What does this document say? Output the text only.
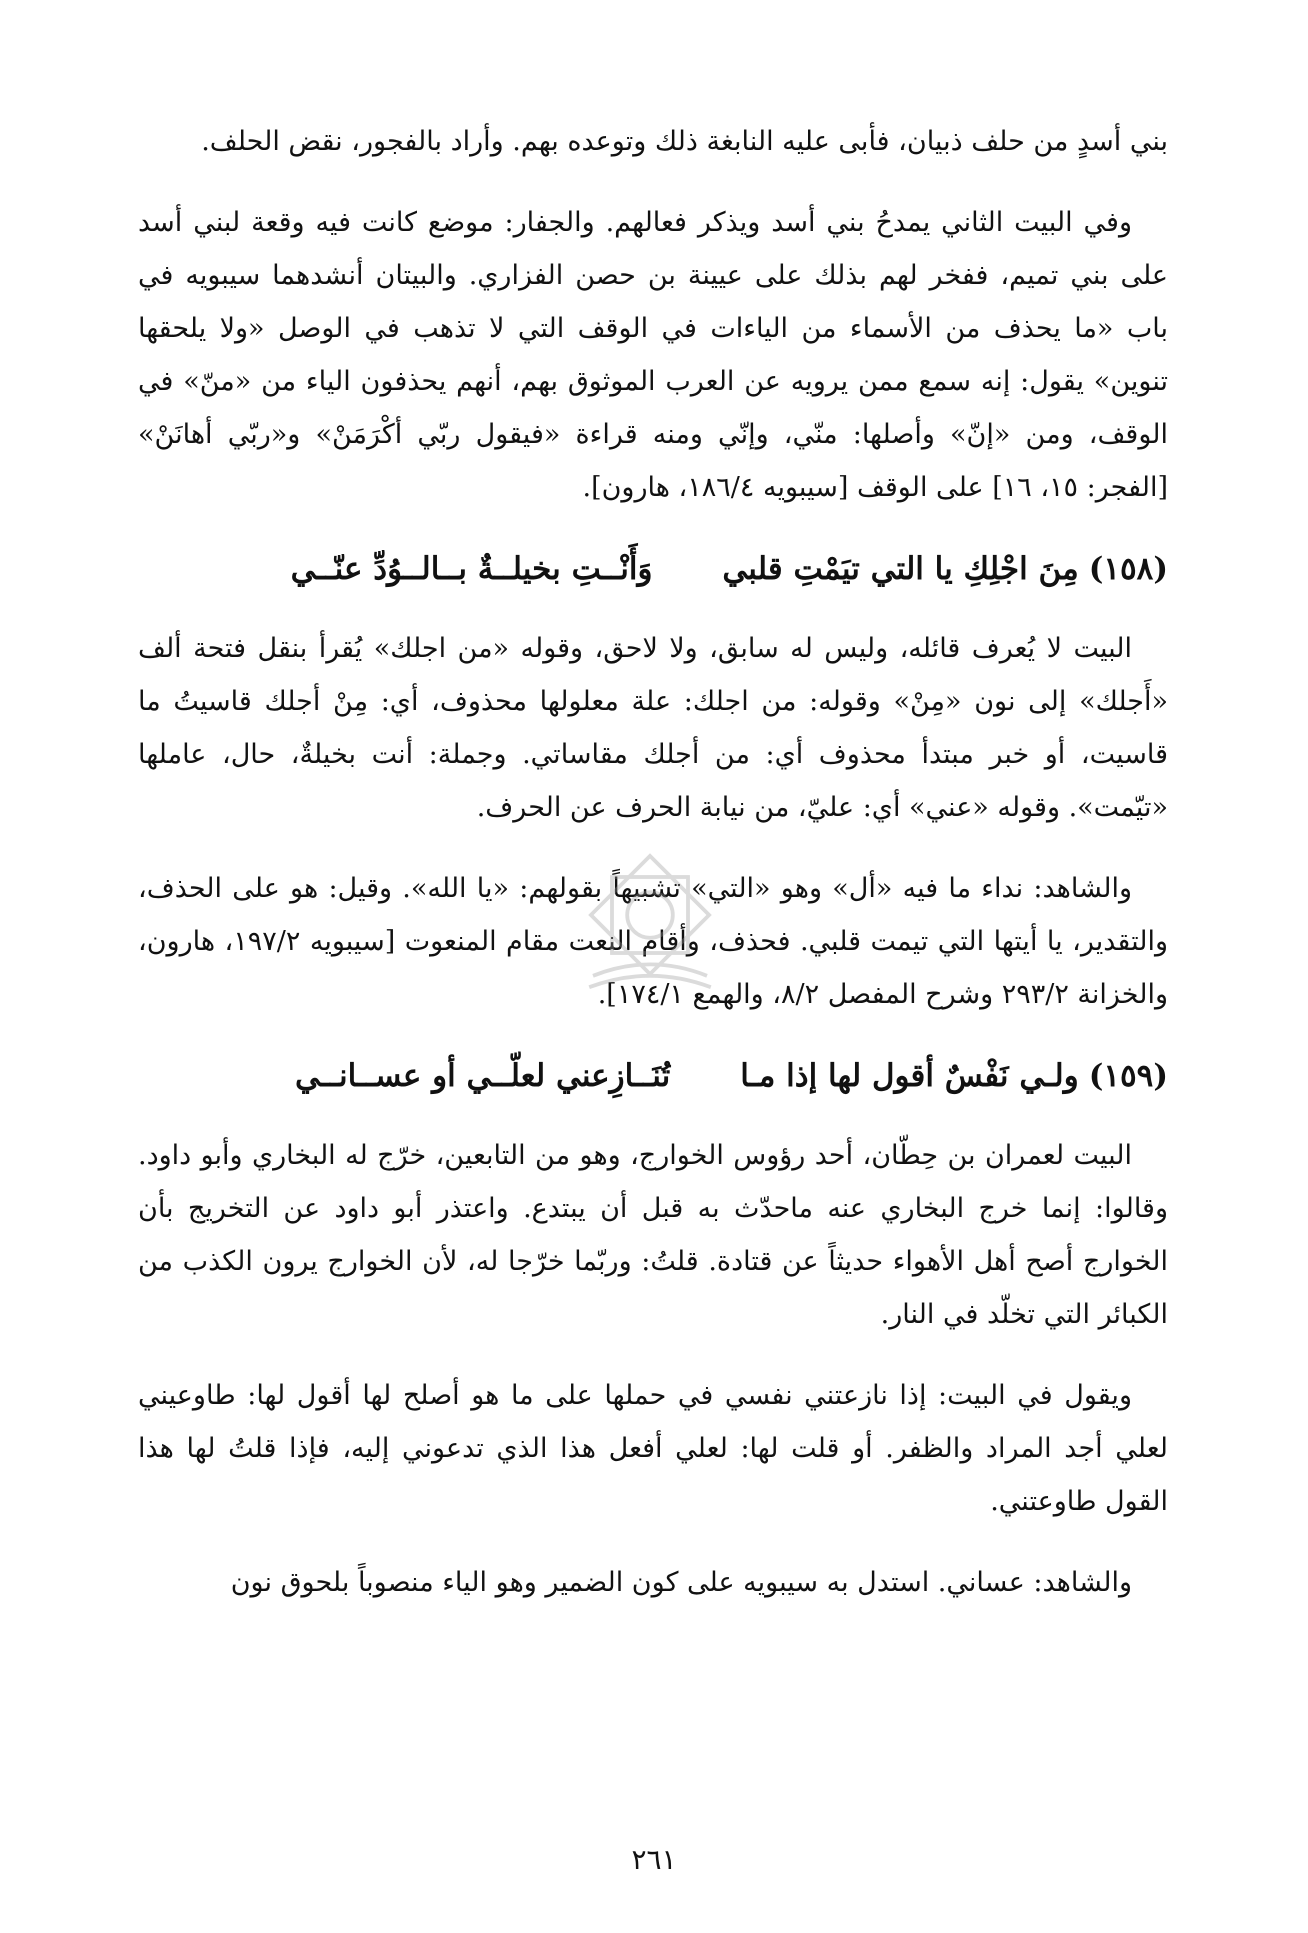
بني أسدٍ من حلف ذبيان، فأبى عليه النابغة ذلك وتوعده بهم. وأراد بالفجور، نقض الحلف.

وفي البيت الثاني يمدحُ بني أسد ويذكر فعالهم. والجفار: موضع كانت فيه وقعة لبني أسد على بني تميم، ففخر لهم بذلك على عيينة بن حصن الفزاري. والبيتان أنشدهما سيبويه في باب «ما يحذف من الأسماء من الياءات في الوقف التي لا تذهب في الوصل «ولا يلحقها تنوين» يقول: إنه سمع ممن يرويه عن العرب الموثوق بهم، أنهم يحذفون الياء من «منّ» في الوقف، ومن «إنّ» وأصلها: منّي، وإنّي ومنه قراءة «فيقول ربّي أكْرَمَنْ» و«ربّي أهانَنْ» [الفجر: ١٥، ١٦] على الوقف [سيبويه ١٨٦/٤، هارون].

(١٥٨)
مِنَ اجْلِكِ يا التي تيَمْتِ قلبي
وَأَنْــتِ بخيلــةٌ بــالــوُدِّ عنّــي

البيت لا يُعرف قائله، وليس له سابق، ولا لاحق، وقوله «من اجلك» يُقرأ بنقل فتحة ألف «أَجلك» إلى نون «مِنْ» وقوله: من اجلك: علة معلولها محذوف، أي: مِنْ أجلك قاسيتُ ما قاسيت، أو خبر مبتدأ محذوف أي: من أجلك مقاساتي. وجملة: أنت بخيلةٌ، حال، عاملها «تيّمت». وقوله «عني» أي: عليّ، من نيابة الحرف عن الحرف.

والشاهد: نداء ما فيه «أل» وهو «التي» تشبيهاً بقولهم: «يا الله». وقيل: هو على الحذف، والتقدير، يا أيتها التي تيمت قلبي. فحذف، وأقام النعت مقام المنعوت [سيبويه ١٩٧/٢، هارون، والخزانة ٢٩٣/٢ وشرح المفصل ٨/٢، والهمع ١٧٤/١].

(١٥٩)
ولـي نَفْسٌ أقول لها إذا مـا
تُنَــازِعني لعلّــي أو عســانــي

البيت لعمران بن حِطّان، أحد رؤوس الخوارج، وهو من التابعين، خرّج له البخاري وأبو داود. وقالوا: إنما خرج البخاري عنه ماحدّث به قبل أن يبتدع. واعتذر أبو داود عن التخريج بأن الخوارج أصح أهل الأهواء حديثاً عن قتادة. قلتُ: وربّما خرّجا له، لأن الخوارج يرون الكذب من الكبائر التي تخلّد في النار.

ويقول في البيت: إذا نازعتني نفسي في حملها على ما هو أصلح لها أقول لها: طاوعيني لعلي أجد المراد والظفر. أو قلت لها: لعلي أفعل هذا الذي تدعوني إليه، فإذا قلتُ لها هذا القول طاوعتني.

والشاهد: عساني. استدل به سيبويه على كون الضمير وهو الياء منصوباً بلحوق نون

٢٦١
